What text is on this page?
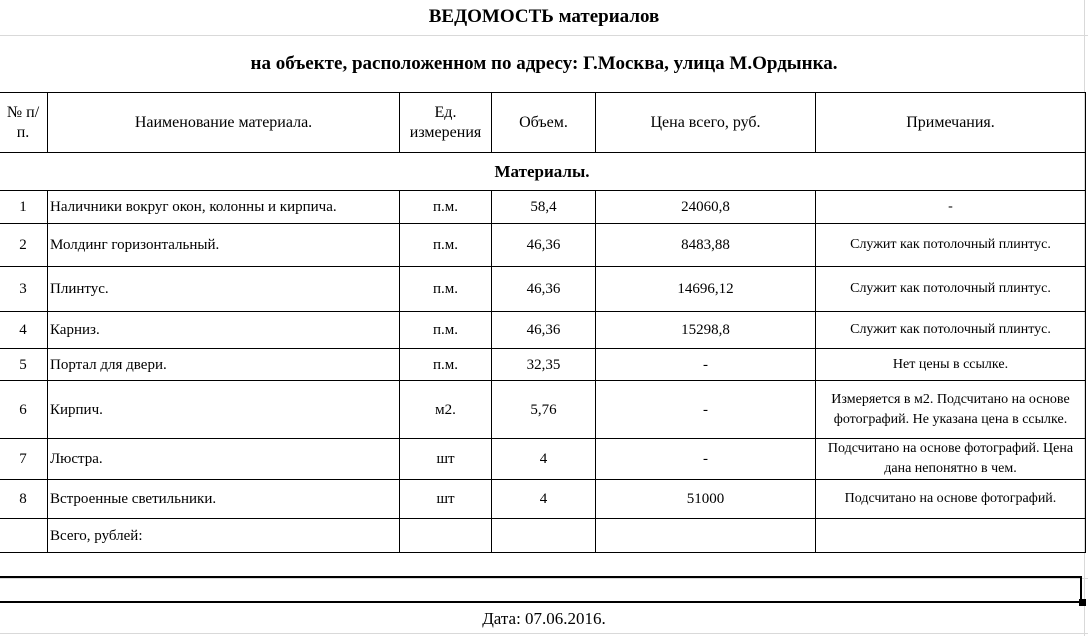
ВЕДОМОСТЬ материалов
на объекте, расположенном по адресу: Г.Москва, улица М.Ордынка.
№ п/п.	Наименование материала.	Ед. измерения	Объем.	Цена всего, руб.	Примечания.
Материалы.					
1	Наличники вокруг окон, колонны и кирпича.	п.м.	58,4	24060,8	-
2	Молдинг горизонтальный.	п.м.	46,36	8483,88	Служит как потолочный плинтус.
3	Плинтус.	п.м.	46,36	14696,12	Служит как потолочный плинтус.
4	Карниз.	п.м.	46,36	15298,8	Служит как потолочный плинтус.
5	Портал для двери.	п.м.	32,35	-	Нет цены в ссылке.
6	Кирпич.	м2.	5,76	-	Измеряется в м2. Подсчитано на основе фотографий. Не указана цена в ссылке.
7	Люстра.	шт	4	-	Подсчитано на основе фотографий. Цена дана непонятно в чем.
8	Встроенные светильники.	шт	4	51000	Подсчитано на основе фотографий.
	Всего, рублей:				
Дата: 07.06.2016.
